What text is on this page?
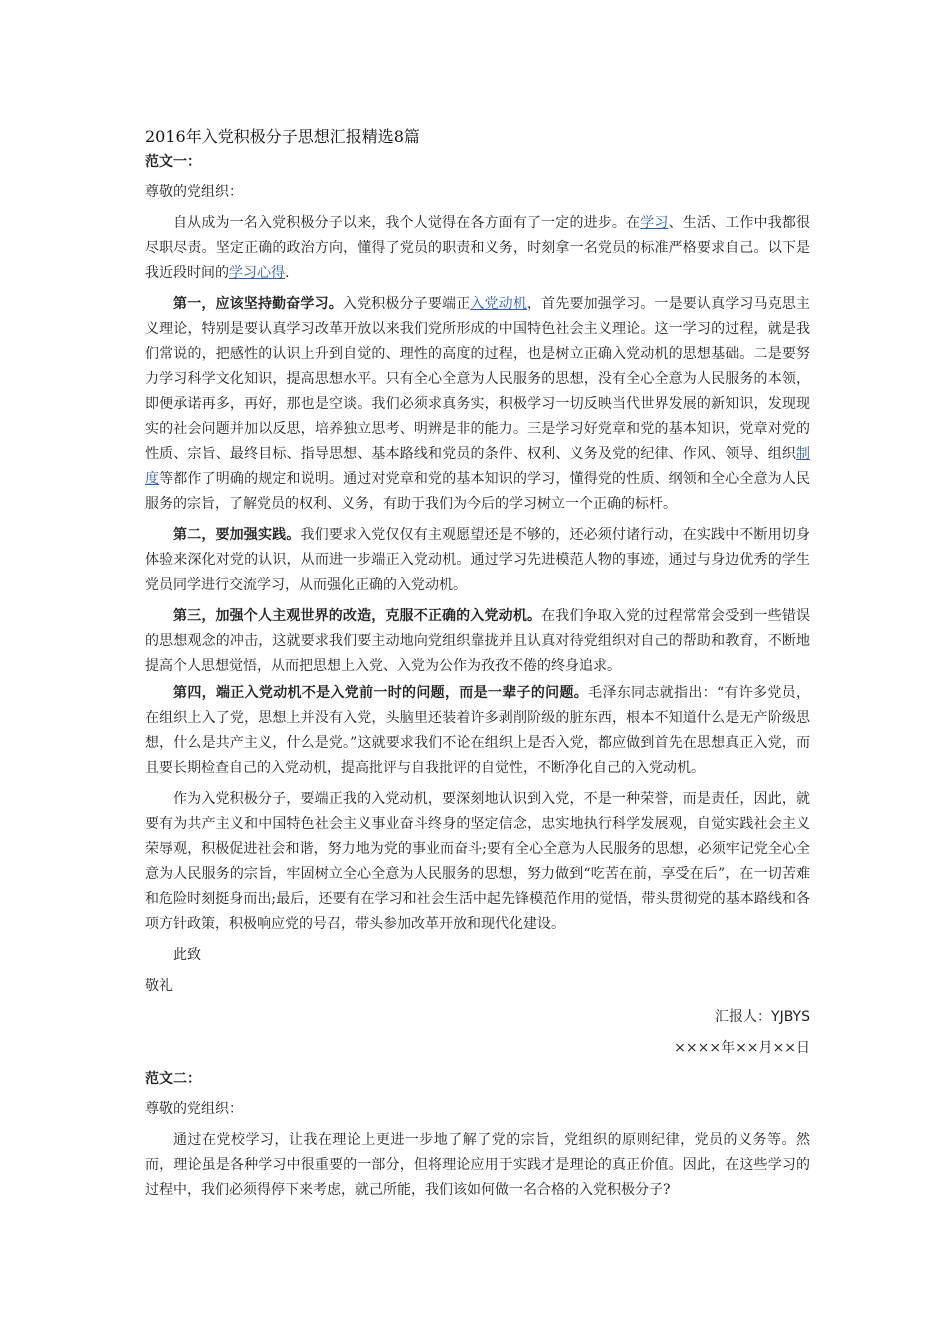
2016年入党积极分子思想汇报精选8篇
范文一：
尊敬的党组织：
自从成为一名入党积极分子以来，我个人觉得在各方面有了一定的进步。在学习、生活、工作中我都很尽职尽责。坚定正确的政治方向，懂得了党员的职责和义务，时刻拿一名党员的标准严格要求自己。以下是我近段时间的学习心得.
第一，应该坚持勤奋学习。入党积极分子要端正入党动机，首先要加强学习。一是要认真学习马克思主义理论，特别是要认真学习改革开放以来我们党所形成的中国特色社会主义理论。这一学习的过程，就是我们常说的，把感性的认识上升到自觉的、理性的高度的过程，也是树立正确入党动机的思想基础。二是要努力学习科学文化知识，提高思想水平。只有全心全意为人民服务的思想，没有全心全意为人民服务的本领，即便承诺再多，再好，那也是空谈。我们必须求真务实，积极学习一切反映当代世界发展的新知识，发现现实的社会问题并加以反思，培养独立思考、明辨是非的能力。三是学习好党章和党的基本知识，党章对党的性质、宗旨、最终目标、指导思想、基本路线和党员的条件、权利、义务及党的纪律、作风、领导、组织制度等都作了明确的规定和说明。通过对党章和党的基本知识的学习，懂得党的性质、纲领和全心全意为人民服务的宗旨，了解党员的权利、义务，有助于我们为今后的学习树立一个正确的标杆。
第二，要加强实践。我们要求入党仅仅有主观愿望还是不够的，还必须付诸行动，在实践中不断用切身体验来深化对党的认识，从而进一步端正入党动机。通过学习先进模范人物的事迹，通过与身边优秀的学生党员同学进行交流学习，从而强化正确的入党动机。
第三，加强个人主观世界的改造，克服不正确的入党动机。在我们争取入党的过程常常会受到一些错误的思想观念的冲击，这就要求我们要主动地向党组织靠拢并且认真对待党组织对自己的帮助和教育，不断地提高个人思想觉悟，从而把思想上入党、入党为公作为孜孜不倦的终身追求。
第四，端正入党动机不是入党前一时的问题，而是一辈子的问题。毛泽东同志就指出：“有许多党员，在组织上入了党，思想上并没有入党，头脑里还装着许多剥削阶级的脏东西，根本不知道什么是无产阶级思想，什么是共产主义，什么是党。”这就要求我们不论在组织上是否入党，都应做到首先在思想真正入党，而且要长期检查自己的入党动机，提高批评与自我批评的自觉性，不断净化自己的入党动机。
作为入党积极分子，要端正我的入党动机，要深刻地认识到入党，不是一种荣誉，而是责任，因此，就要有为共产主义和中国特色社会主义事业奋斗终身的坚定信念，忠实地执行科学发展观，自觉实践社会主义荣辱观，积极促进社会和谐，努力地为党的事业而奋斗;要有全心全意为人民服务的思想，必须牢记党全心全意为人民服务的宗旨，牢固树立全心全意为人民服务的思想，努力做到“吃苦在前，享受在后”，在一切苦难和危险时刻挺身而出;最后，还要有在学习和社会生活中起先锋模范作用的觉悟，带头贯彻党的基本路线和各项方针政策，积极响应党的号召，带头参加改革开放和现代化建设。
此致
敬礼
汇报人：YJBYS
××××年××月××日
范文二：
尊敬的党组织：
通过在党校学习，让我在理论上更进一步地了解了党的宗旨，党组织的原则纪律，党员的义务等。然而，理论虽是各种学习中很重要的一部分，但将理论应用于实践才是理论的真正价值。因此，在这些学习的过程中，我们必须得停下来考虑，就己所能，我们该如何做一名合格的入党积极分子?
